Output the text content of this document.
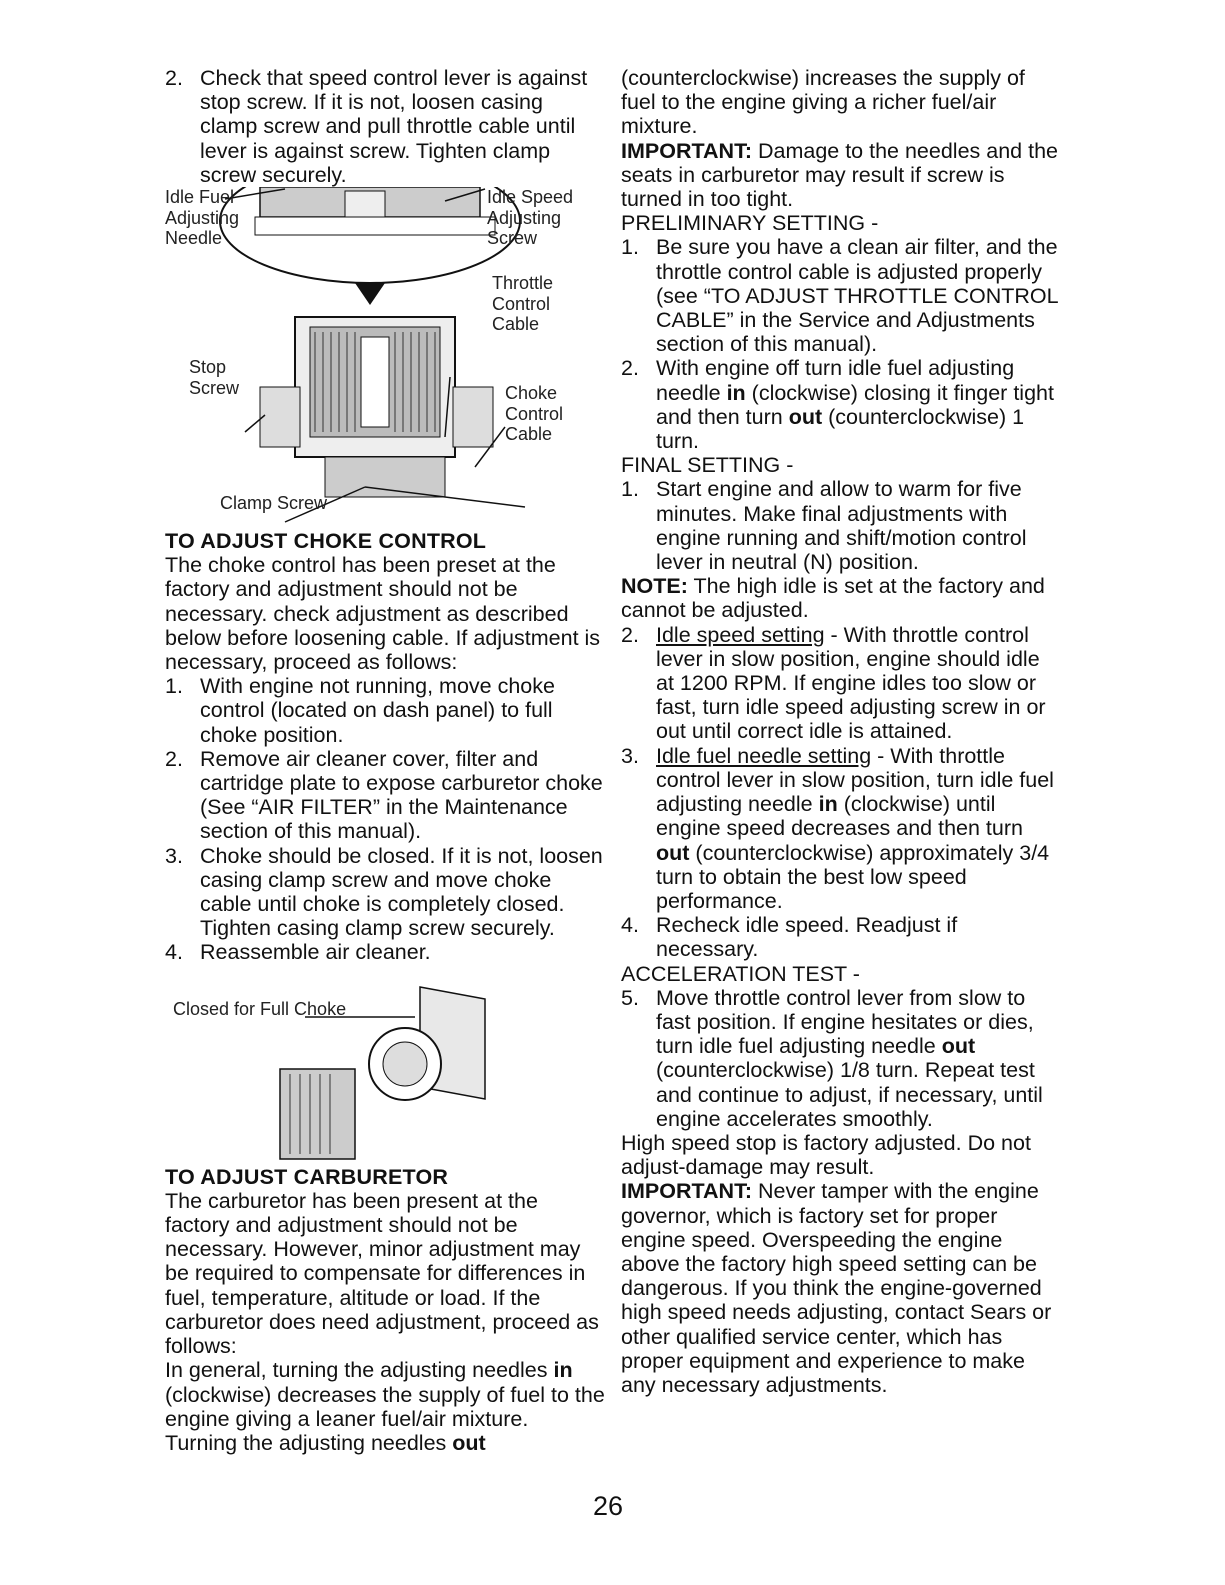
2. Check that speed control lever is against stop screw. If it is not, loosen casing clamp screw and pull throttle cable until lever is against screw. Tighten clamp screw securely.

Idle Fuel
Adjusting
Needle
Idle Speed
Adjusting
Screw
Throttle
Control
Cable
Stop
Screw	Choke
Control
Cable
Clamp Screw

TO ADJUST CHOKE CONTROL

The choke control has been preset at the factory and adjustment should not be necessary. check adjustment as described below before loosening cable. If adjustment is necessary, proceed as follows:

1. With engine not running, move choke control (located on dash panel) to full choke position.

2. Remove air cleaner cover, filter and cartridge plate to expose carburetor choke (See “AIR FILTER” in the Maintenance section of this manual).

3. Choke should be closed. If it is not, loosen casing clamp screw and move choke cable until choke is completely closed. Tighten casing clamp screw securely.

4. Reassemble air cleaner.

Closed for Full Choke

TO ADJUST CARBURETOR

The carburetor has been present at the factory and adjustment should not be necessary. However, minor adjustment may be required to compensate for differences in fuel, temperature, altitude or load. If the carburetor does need adjustment, proceed as follows:

In general, turning the adjusting needles in (clockwise) decreases the supply of fuel to the engine giving a leaner fuel/air mixture. Turning the adjusting needles out

(counterclockwise) increases the supply of fuel to the engine giving a richer fuel/air mixture.

IMPORTANT: Damage to the needles and the seats in carburetor may result if screw is turned in too tight.

PRELIMINARY SETTING -

1. Be sure you have a clean air filter, and the throttle control cable is adjusted properly (see “TO ADJUST THROTTLE CONTROL CABLE” in the Service and Adjustments section of this manual).

2. With engine off turn idle fuel adjusting needle in (clockwise) closing it finger tight and then turn out (counterclockwise) 1 turn.

FINAL SETTING -

1. Start engine and allow to warm for five minutes. Make final adjustments with engine running and shift/motion control lever in neutral (N) position.

NOTE: The high idle is set at the factory and cannot be adjusted.

2. Idle speed setting - With throttle control lever in slow position, engine should idle at 1200 RPM. If engine idles too slow or fast, turn idle speed adjusting screw in or out until correct idle is attained.

3. Idle fuel needle setting - With throttle control lever in slow position, turn idle fuel adjusting needle in (clockwise) until engine speed decreases and then turn out (counterclockwise) approximately 3/4 turn to obtain the best low speed performance.

4. Recheck idle speed. Readjust if necessary.

ACCELERATION TEST -

5. Move throttle control lever from slow to fast position. If engine hesitates or dies, turn idle fuel adjusting needle out (counterclockwise) 1/8 turn. Repeat test and continue to adjust, if necessary, until engine accelerates smoothly.

High speed stop is factory adjusted. Do not adjust-damage may result.

IMPORTANT: Never tamper with the engine governor, which is factory set for proper engine speed. Overspeeding the engine above the factory high speed setting can be dangerous. If you think the engine-governed high speed needs adjusting, contact Sears or other qualified service center, which has proper equipment and experience to make any necessary adjustments.

26
